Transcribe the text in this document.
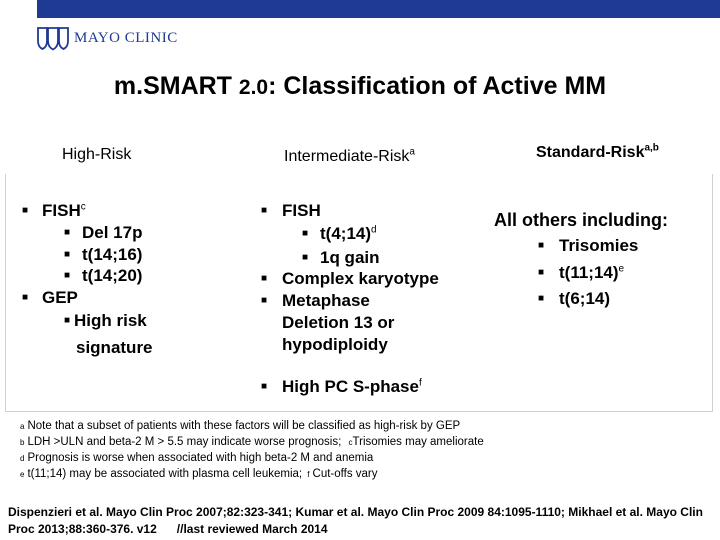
MAYO CLINIC
m.SMART 2.0: Classification of Active MM
High-Risk	Intermediate-Risk$^a$	Standard-Risk$^{a,b}$
■ FISH$^c$
■ Del 17p
■ t(14;16)
■ t(14;20)
■ GEP
■ High risk
signature
■ FISH
■ t(4;14)$^d$
■ 1q gain
■ Complex karyotype
■ Metaphase
Deletion 13 or
hypodiploidy
■ High PC S-phase$^f$
All others including:
■ Trisomies
■ t(11;14)$^e$
■ t(6;14)
a Note that a subset of patients with these factors will be classified as high-risk by GEP
b LDH >ULN and beta-2 M > 5.5 may indicate worse prognosis; cTrisomies may ameliorate
d Prognosis is worse when associated with high beta-2 M and anemia
e t(11;14) may be associated with plasma cell leukemia; f Cut-offs vary
Dispenzieri et al. Mayo Clin Proc 2007;82:323-341; Kumar et al. Mayo Clin Proc 2009 84:1095-1110; Mikhael et al. Mayo Clin
Proc 2013;88:360-376. v12      //last reviewed March 2014
